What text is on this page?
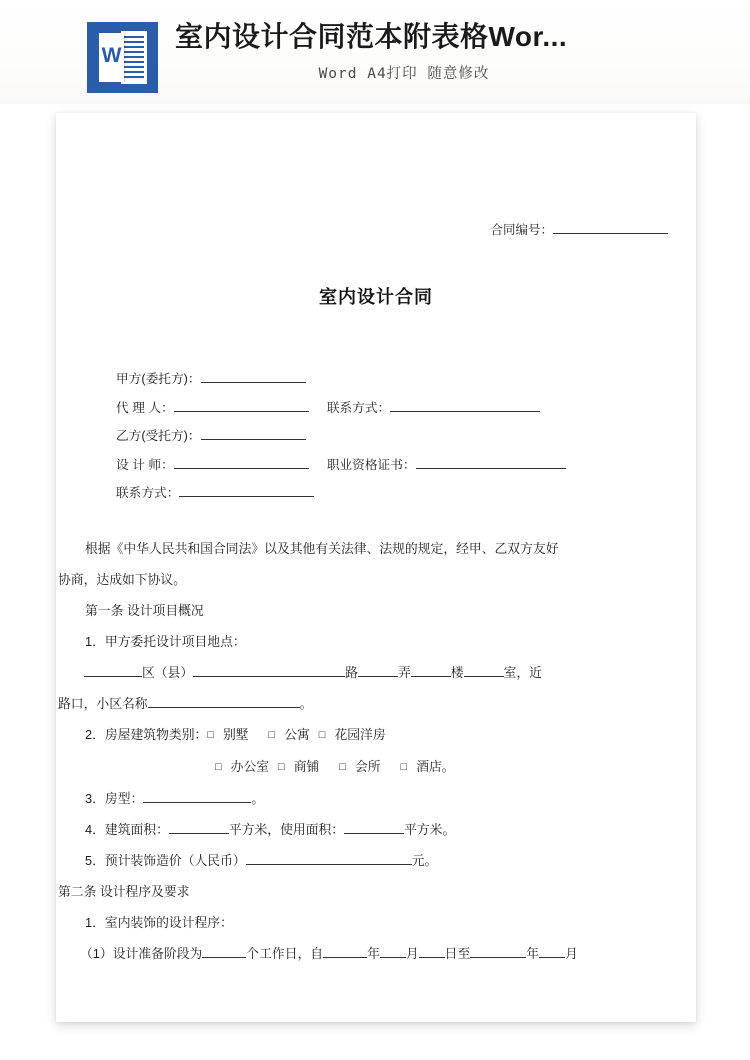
W
室内设计合同范本附表格Wor...
Word A4打印 随意修改
合同编号：
室内设计合同
甲方(委托方)：
代 理 人：	联系方式：
乙方(受托方)：
设 计 师：	职业资格证书：
联系方式：

根据《中华人民共和国合同法》以及其他有关法律、法规的规定，经甲、乙双方友好

协商，达成如下协议。

第一条 设计项目概况

1．甲方委托设计项目地点：

区（县）	路	弄	楼	室，近

路口，小区名称	。

2．房屋建筑物类别：□ 别墅 □ 公寓 □ 花园洋房

□ 办公室 □ 商铺 □ 会所 □ 酒店。

3．房型：	。

4．建筑面积：	平方米，使用面积：	平方米。

5．预计装饰造价（人民币）	元。

第二条 设计程序及要求

1．室内装饰的设计程序：

（1）设计准备阶段为	个工作日，自	年 月 日至	年 月
